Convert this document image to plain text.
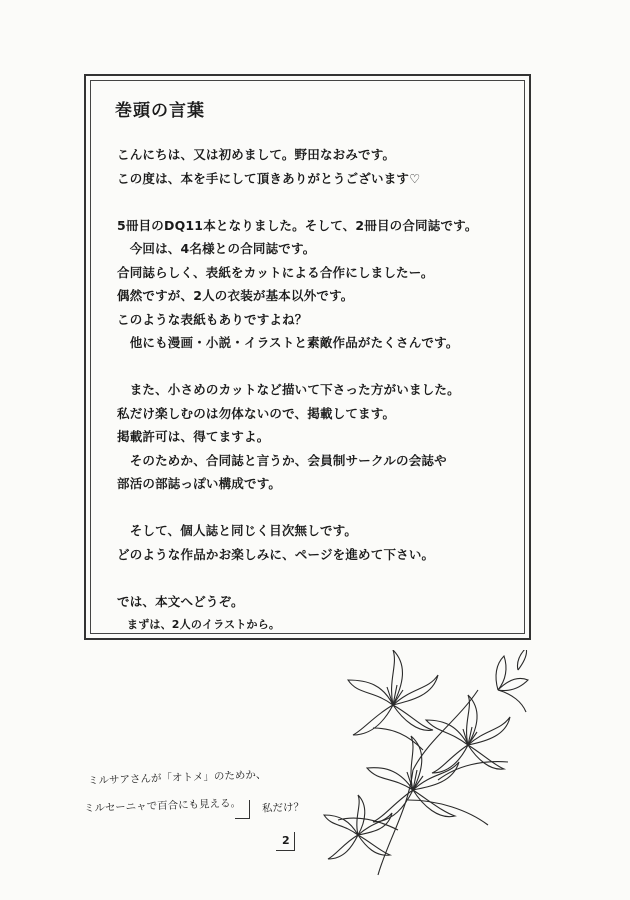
巻頭の言葉
こんにちは、又は初めまして。野田なおみです。
この度は、本を手にして頂きありがとうございます♡
5冊目のDQ11本となりました。そして、2冊目の合同誌です。
　今回は、4名様との合同誌です。
合同誌らしく、表紙をカットによる合作にしましたー。
偶然ですが、2人の衣装が基本以外です。
このような表紙もありですよね？
　他にも漫画・小説・イラストと素敵作品がたくさんです。
　また、小さめのカットなど描いて下さった方がいました。
私だけ楽しむのは勿体ないので、掲載してます。
掲載許可は、得てますよ。
　そのためか、合同誌と言うか、会員制サークルの会誌や
部活の部誌っぽい構成です。
　そして、個人誌と同じく目次無しです。
どのような作品かお楽しみに、ページを進めて下さい。
では、本文へどうぞ。
まずは、2人のイラストから。
ミルサアさんが「オトメ」のためか、
ミルセーニャで百合にも見える。 私だけ？
2
